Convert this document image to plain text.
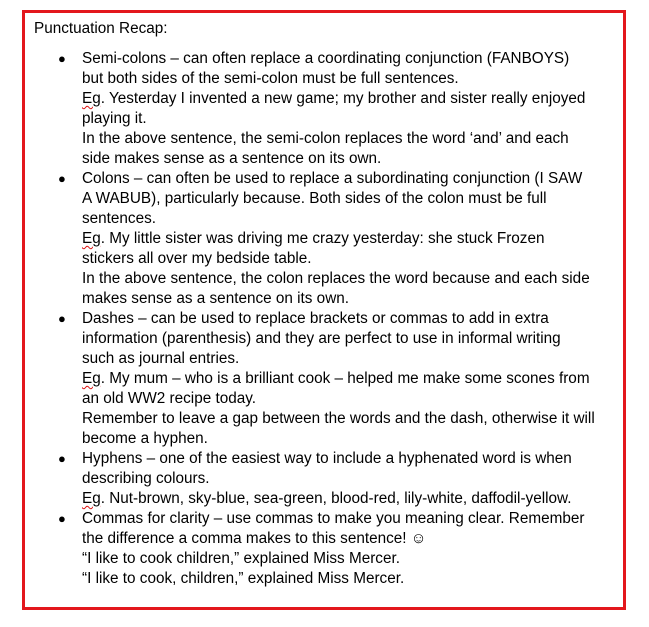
Punctuation Recap:
● Semi-colons – can often replace a coordinating conjunction (FANBOYS)
but both sides of the semi-colon must be full sentences.
Eg. Yesterday I invented a new game; my brother and sister really enjoyed
playing it.
In the above sentence, the semi-colon replaces the word ‘and’ and each
side makes sense as a sentence on its own.
● Colons – can often be used to replace a subordinating conjunction (I SAW
A WABUB), particularly because. Both sides of the colon must be full
sentences.
Eg. My little sister was driving me crazy yesterday: she stuck Frozen
stickers all over my bedside table.
In the above sentence, the colon replaces the word because and each side
makes sense as a sentence on its own.
● Dashes – can be used to replace brackets or commas to add in extra
information (parenthesis) and they are perfect to use in informal writing
such as journal entries.
Eg. My mum – who is a brilliant cook – helped me make some scones from
an old WW2 recipe today.
Remember to leave a gap between the words and the dash, otherwise it will
become a hyphen.
● Hyphens – one of the easiest way to include a hyphenated word is when
describing colours.
Eg. Nut-brown, sky-blue, sea-green, blood-red, lily-white, daffodil-yellow.
● Commas for clarity – use commas to make you meaning clear. Remember
the difference a comma makes to this sentence! ☺
“I like to cook children,” explained Miss Mercer.
“I like to cook, children,” explained Miss Mercer.
